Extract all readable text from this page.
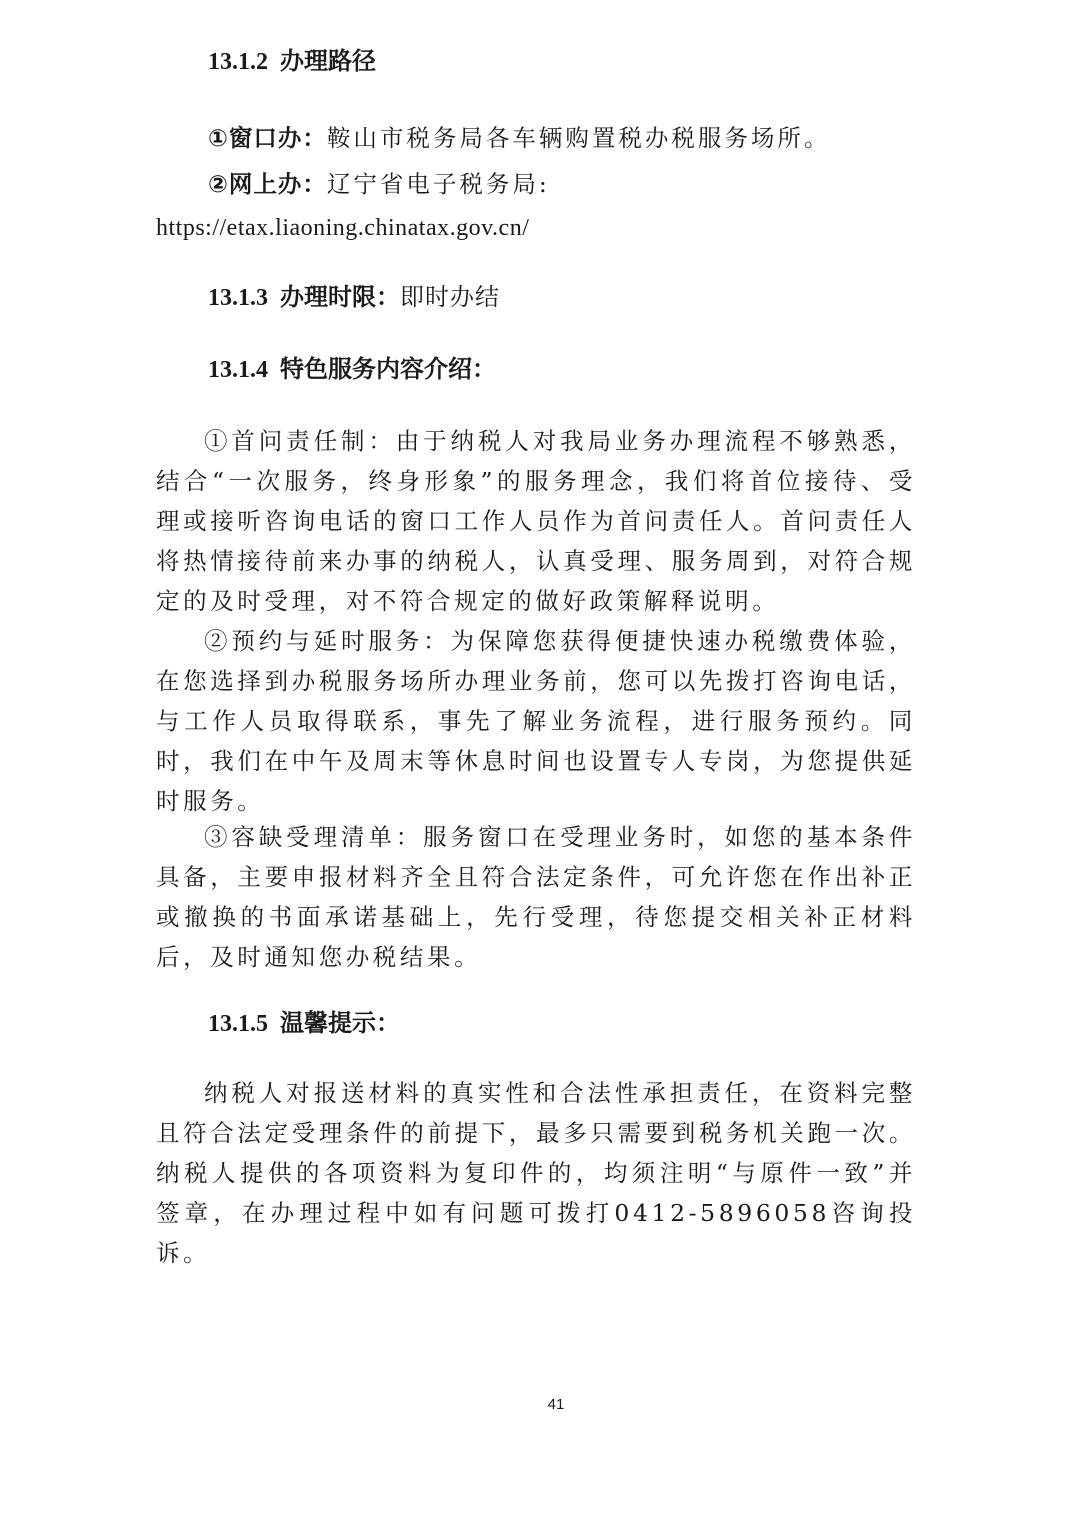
13.1.2 办理路径
①窗口办：鞍山市税务局各车辆购置税办税服务场所。
②网上办：辽宁省电子税务局:
https://etax.liaoning.chinatax.gov.cn/
13.1.3 办理时限：即时办结
13.1.4 特色服务内容介绍：
①首问责任制：由于纳税人对我局业务办理流程不够熟悉，结合“一次服务，终身形象”的服务理念，我们将首位接待、受理或接听咨询电话的窗口工作人员作为首问责任人。首问责任人将热情接待前来办事的纳税人，认真受理、服务周到，对符合规定的及时受理，对不符合规定的做好政策解释说明。
②预约与延时服务：为保障您获得便捷快速办税缴费体验，在您选择到办税服务场所办理业务前，您可以先拨打咨询电话，与工作人员取得联系，事先了解业务流程，进行服务预约。同时，我们在中午及周末等休息时间也设置专人专岗，为您提供延时服务。
③容缺受理清单：服务窗口在受理业务时，如您的基本条件具备，主要申报材料齐全且符合法定条件，可允许您在作出补正或撤换的书面承诺基础上，先行受理，待您提交相关补正材料后，及时通知您办税结果。
13.1.5 温馨提示：
纳税人对报送材料的真实性和合法性承担责任，在资料完整且符合法定受理条件的前提下，最多只需要到税务机关跑一次。纳税人提供的各项资料为复印件的，均须注明“与原件一致”并签章，在办理过程中如有问题可拨打0412-5896058咨询投诉。
41
